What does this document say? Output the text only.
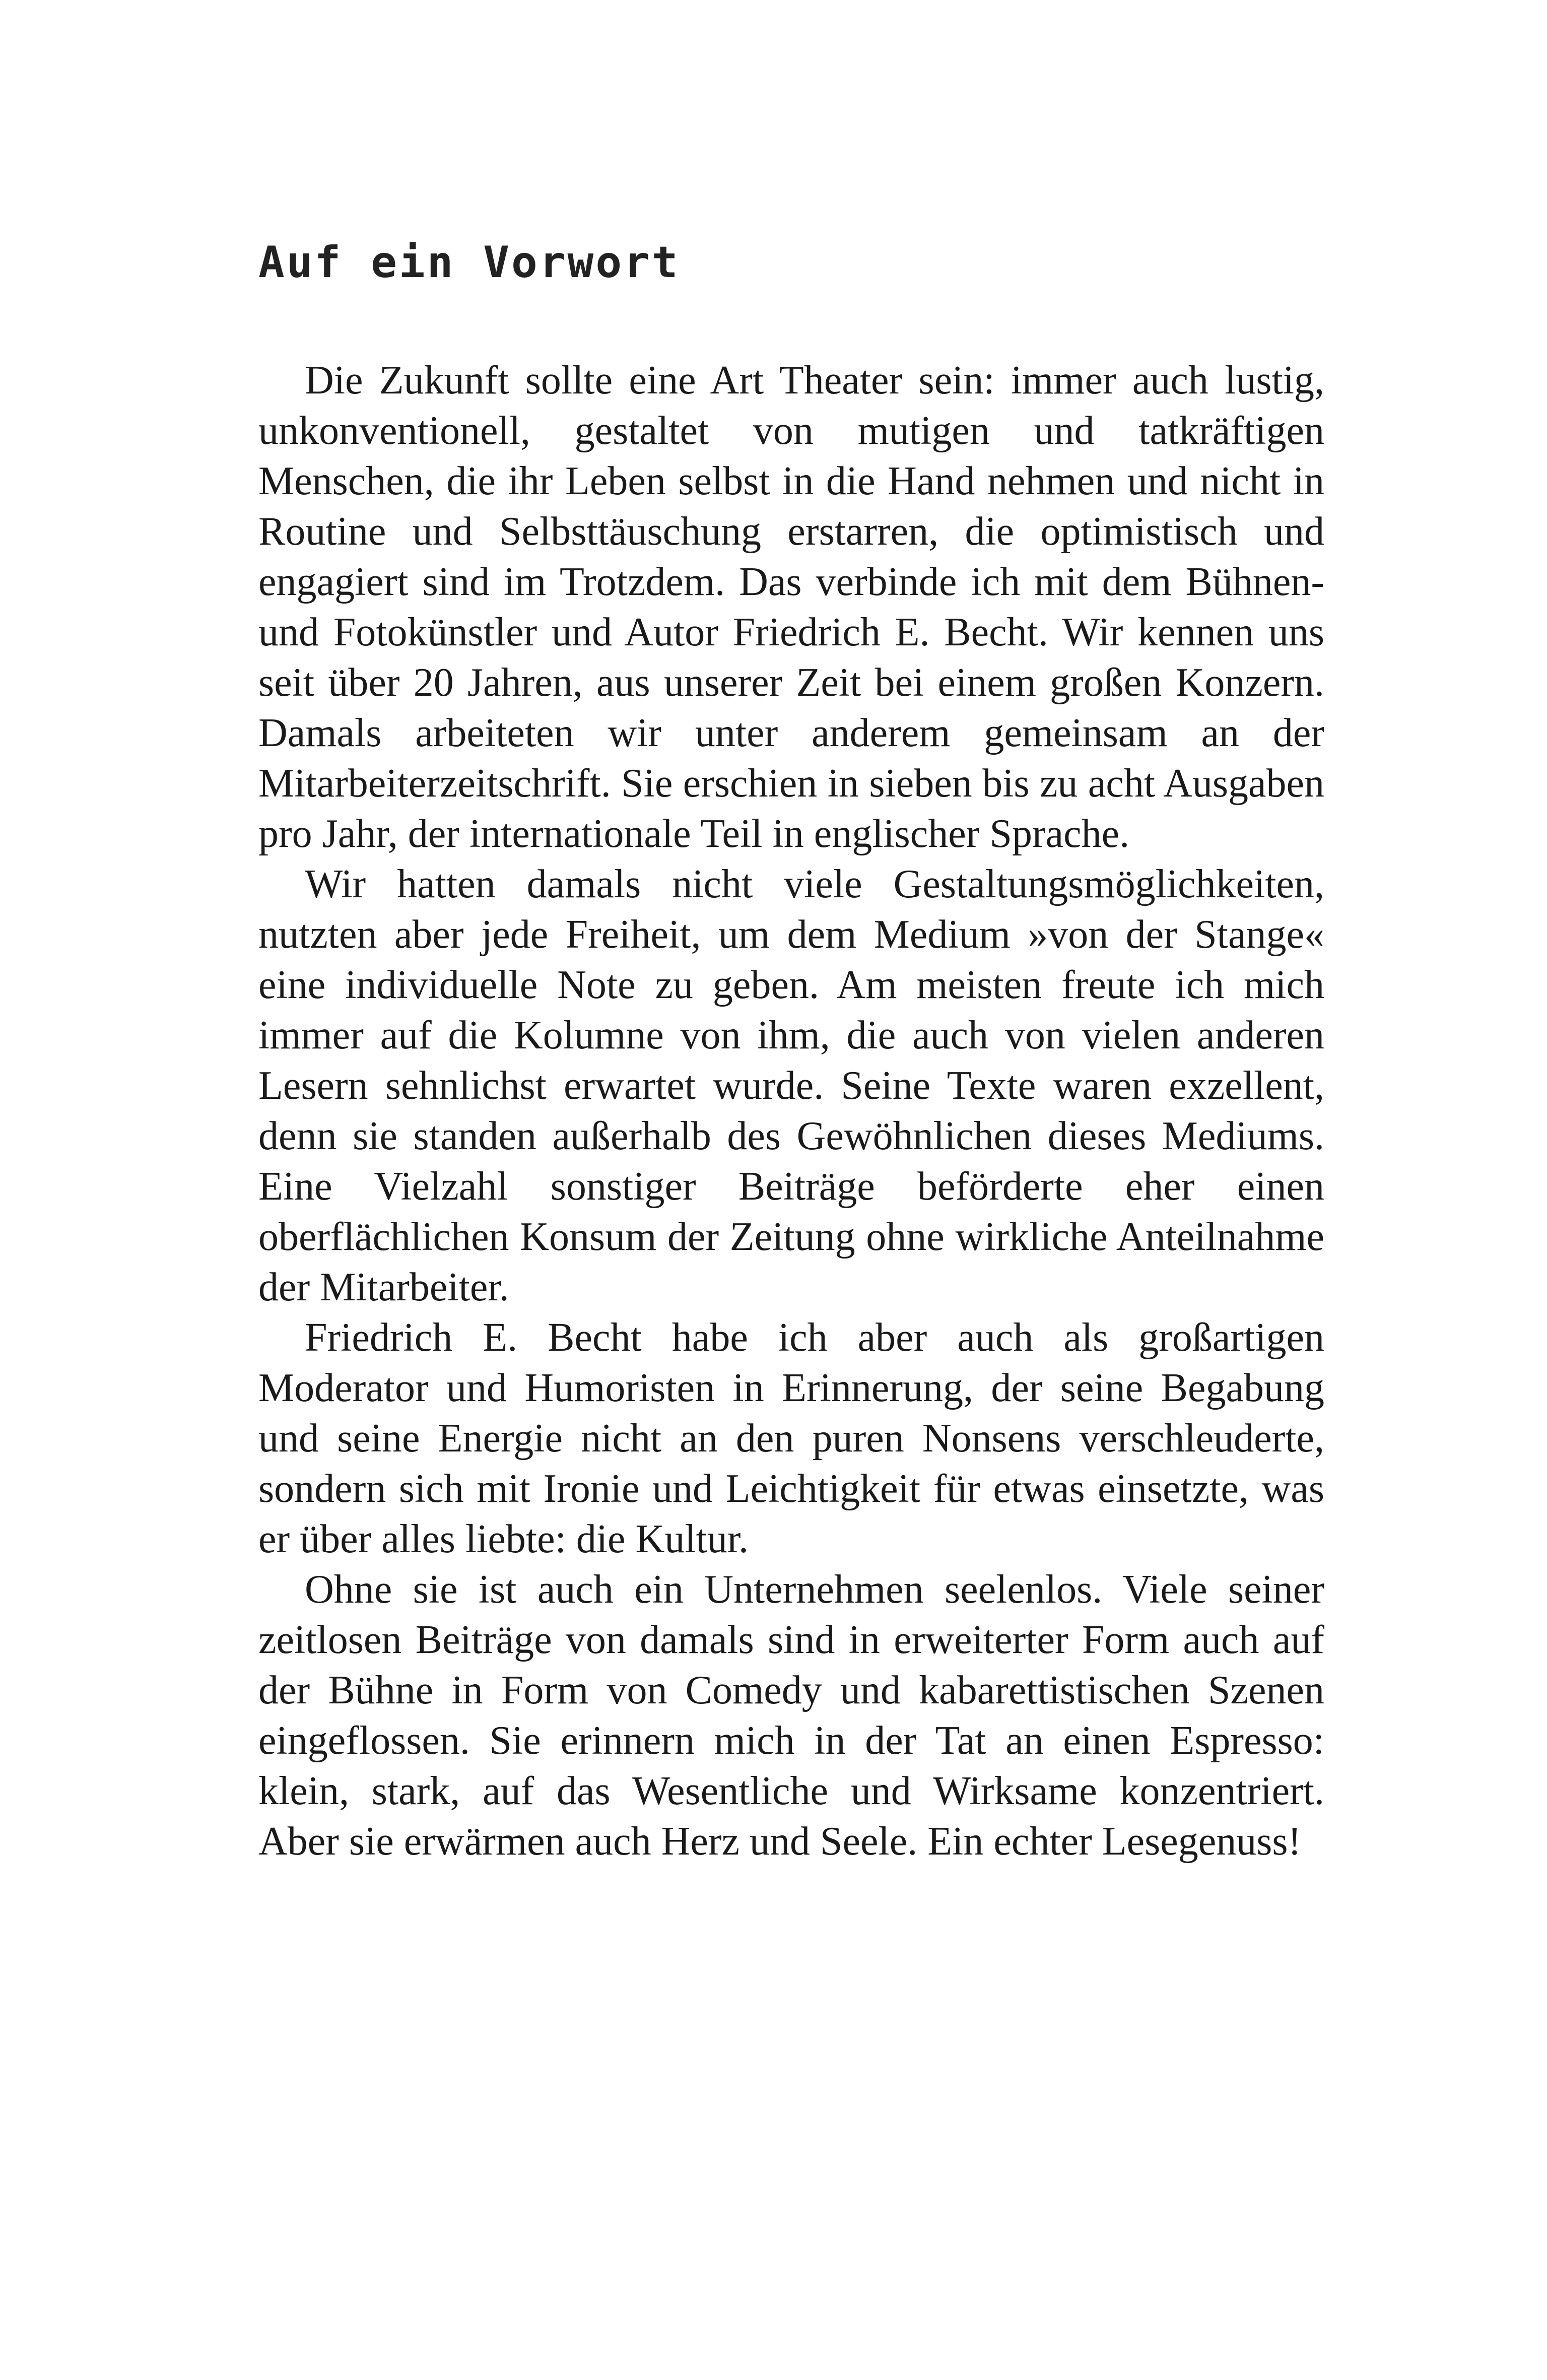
Auf ein Vorwort

Die Zukunft sollte eine Art Theater sein: immer auch lustig, unkonventionell, gestaltet von mutigen und tatkräftigen Menschen, die ihr Leben selbst in die Hand nehmen und nicht in Routine und Selbsttäuschung erstarren, die optimistisch und engagiert sind im Trotzdem. Das verbinde ich mit dem Bühnen- und Fotokünstler und Autor Friedrich E. Becht. Wir kennen uns seit über 20 Jahren, aus unserer Zeit bei einem großen Konzern. Damals arbeiteten wir unter anderem gemeinsam an der Mitarbeiterzeitschrift. Sie erschien in sieben bis zu acht Ausgaben pro Jahr, der internationale Teil in englischer Sprache.

Wir hatten damals nicht viele Gestaltungsmöglichkeiten, nutzten aber jede Freiheit, um dem Medium »von der Stange« eine individuelle Note zu geben. Am meisten freute ich mich immer auf die Kolumne von ihm, die auch von vielen anderen Lesern sehnlichst erwartet wurde. Seine Texte waren exzellent, denn sie standen außerhalb des Gewöhnlichen dieses Mediums. Eine Vielzahl sonstiger Beiträge beförderte eher einen oberflächlichen Konsum der Zeitung ohne wirkliche Anteilnahme der Mitarbeiter.

Friedrich E. Becht habe ich aber auch als großartigen Moderator und Humoristen in Erinnerung, der seine Begabung und seine Energie nicht an den puren Nonsens verschleuderte, sondern sich mit Ironie und Leichtigkeit für etwas einsetzte, was er über alles liebte: die Kultur.

Ohne sie ist auch ein Unternehmen seelenlos. Viele seiner zeitlosen Beiträge von damals sind in erweiterter Form auch auf der Bühne in Form von Comedy und kabarettistischen Szenen eingeflossen. Sie erinnern mich in der Tat an einen Espresso: klein, stark, auf das Wesentliche und Wirksame konzentriert. Aber sie erwärmen auch Herz und Seele. Ein echter Lesegenuss!
